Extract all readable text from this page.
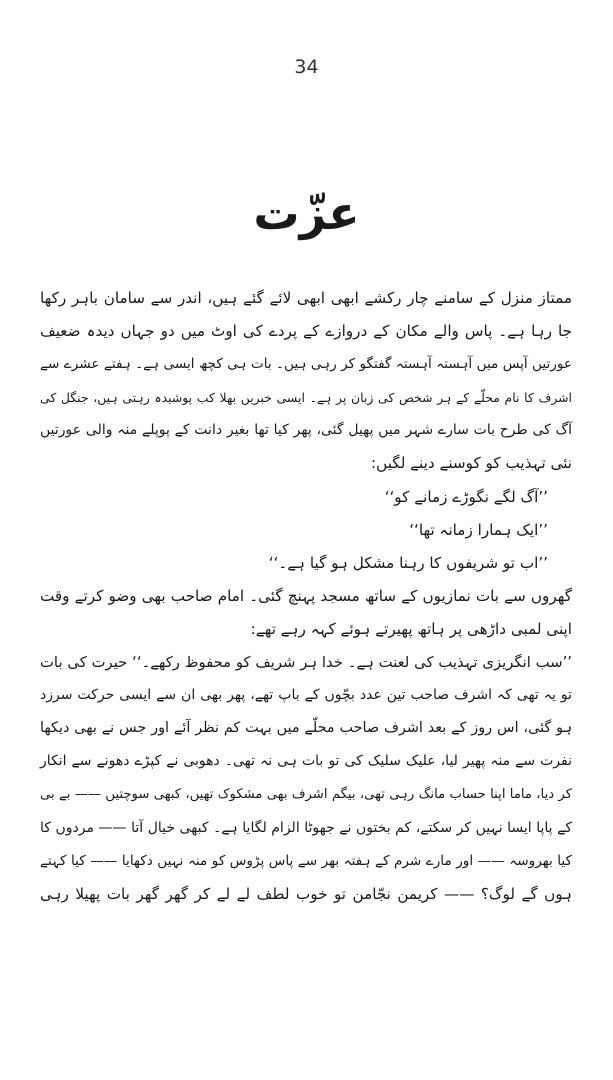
34
عزّت
ممتاز منزل کے سامنے چار رکشے ابھی ابھی لائے گئے ہیں، اندر سے سامان باہر رکھا
جا رہا ہے۔ پاس والے مکان کے دروازے کے پردے کی اوٹ میں دو جہاں دیدہ ضعیف
عورتیں آپس میں آہستہ آہستہ گفتگو کر رہی ہیں۔ بات ہی کچھ ایسی ہے۔ ہفتے عشرے سے
اشرف کا نام محلّے کے ہر شخص کی زبان پر ہے۔ ایسی خبریں بھلا کب پوشیدہ رہتی ہیں، جنگل کی
آگ کی طرح بات سارے شہر میں پھیل گئی، پھر کیا تھا بغیر دانت کے پوپلے منہ والی عورتیں
نئی تہذیب کو کوسنے دینے لگیں:
’’آگ لگے نگوڑے زمانے کو‘‘
’’ایک ہمارا زمانہ تھا‘‘
’’اب تو شریفوں کا رہنا مشکل ہو گیا ہے۔‘‘
گھروں سے بات نمازیوں کے ساتھ مسجد پہنچ گئی۔ امام صاحب بھی وضو کرتے وقت
اپنی لمبی داڑھی پر ہاتھ پھیرتے ہوئے کہہ رہے تھے:
’’سب انگریزی تہذیب کی لعنت ہے۔ خدا ہر شریف کو محفوظ رکھے۔‘‘ حیرت کی بات
تو یہ تھی کہ اشرف صاحب تین عدد بچّوں کے باپ تھے، پھر بھی ان سے ایسی حرکت سرزد
ہو گئی، اس روز کے بعد اشرف صاحب محلّے میں بہت کم نظر آئے اور جس نے بھی دیکھا
نفرت سے منہ پھیر لیا، علیک سلیک کی تو بات ہی نہ تھی۔ دھوبی نے کپڑے دھونے سے انکار
کر دیا، ماما اپنا حساب مانگ رہی تھی، بیگم اشرف بھی مشکوک تھیں، کبھی سوچتیں —— بے بی
کے پاپا ایسا نہیں کر سکتے، کم بختوں نے جھوٹا الزام لگایا ہے۔ کبھی خیال آتا —— مردوں کا
کیا بھروسہ —— اور مارے شرم کے ہفتہ بھر سے پاس پڑوس کو منہ نہیں دکھایا —— کیا کہتے
ہوں گے لوگ؟ —— کریمن نجّامن تو خوب لطف لے لے کر گھر گھر بات پھیلا رہی
